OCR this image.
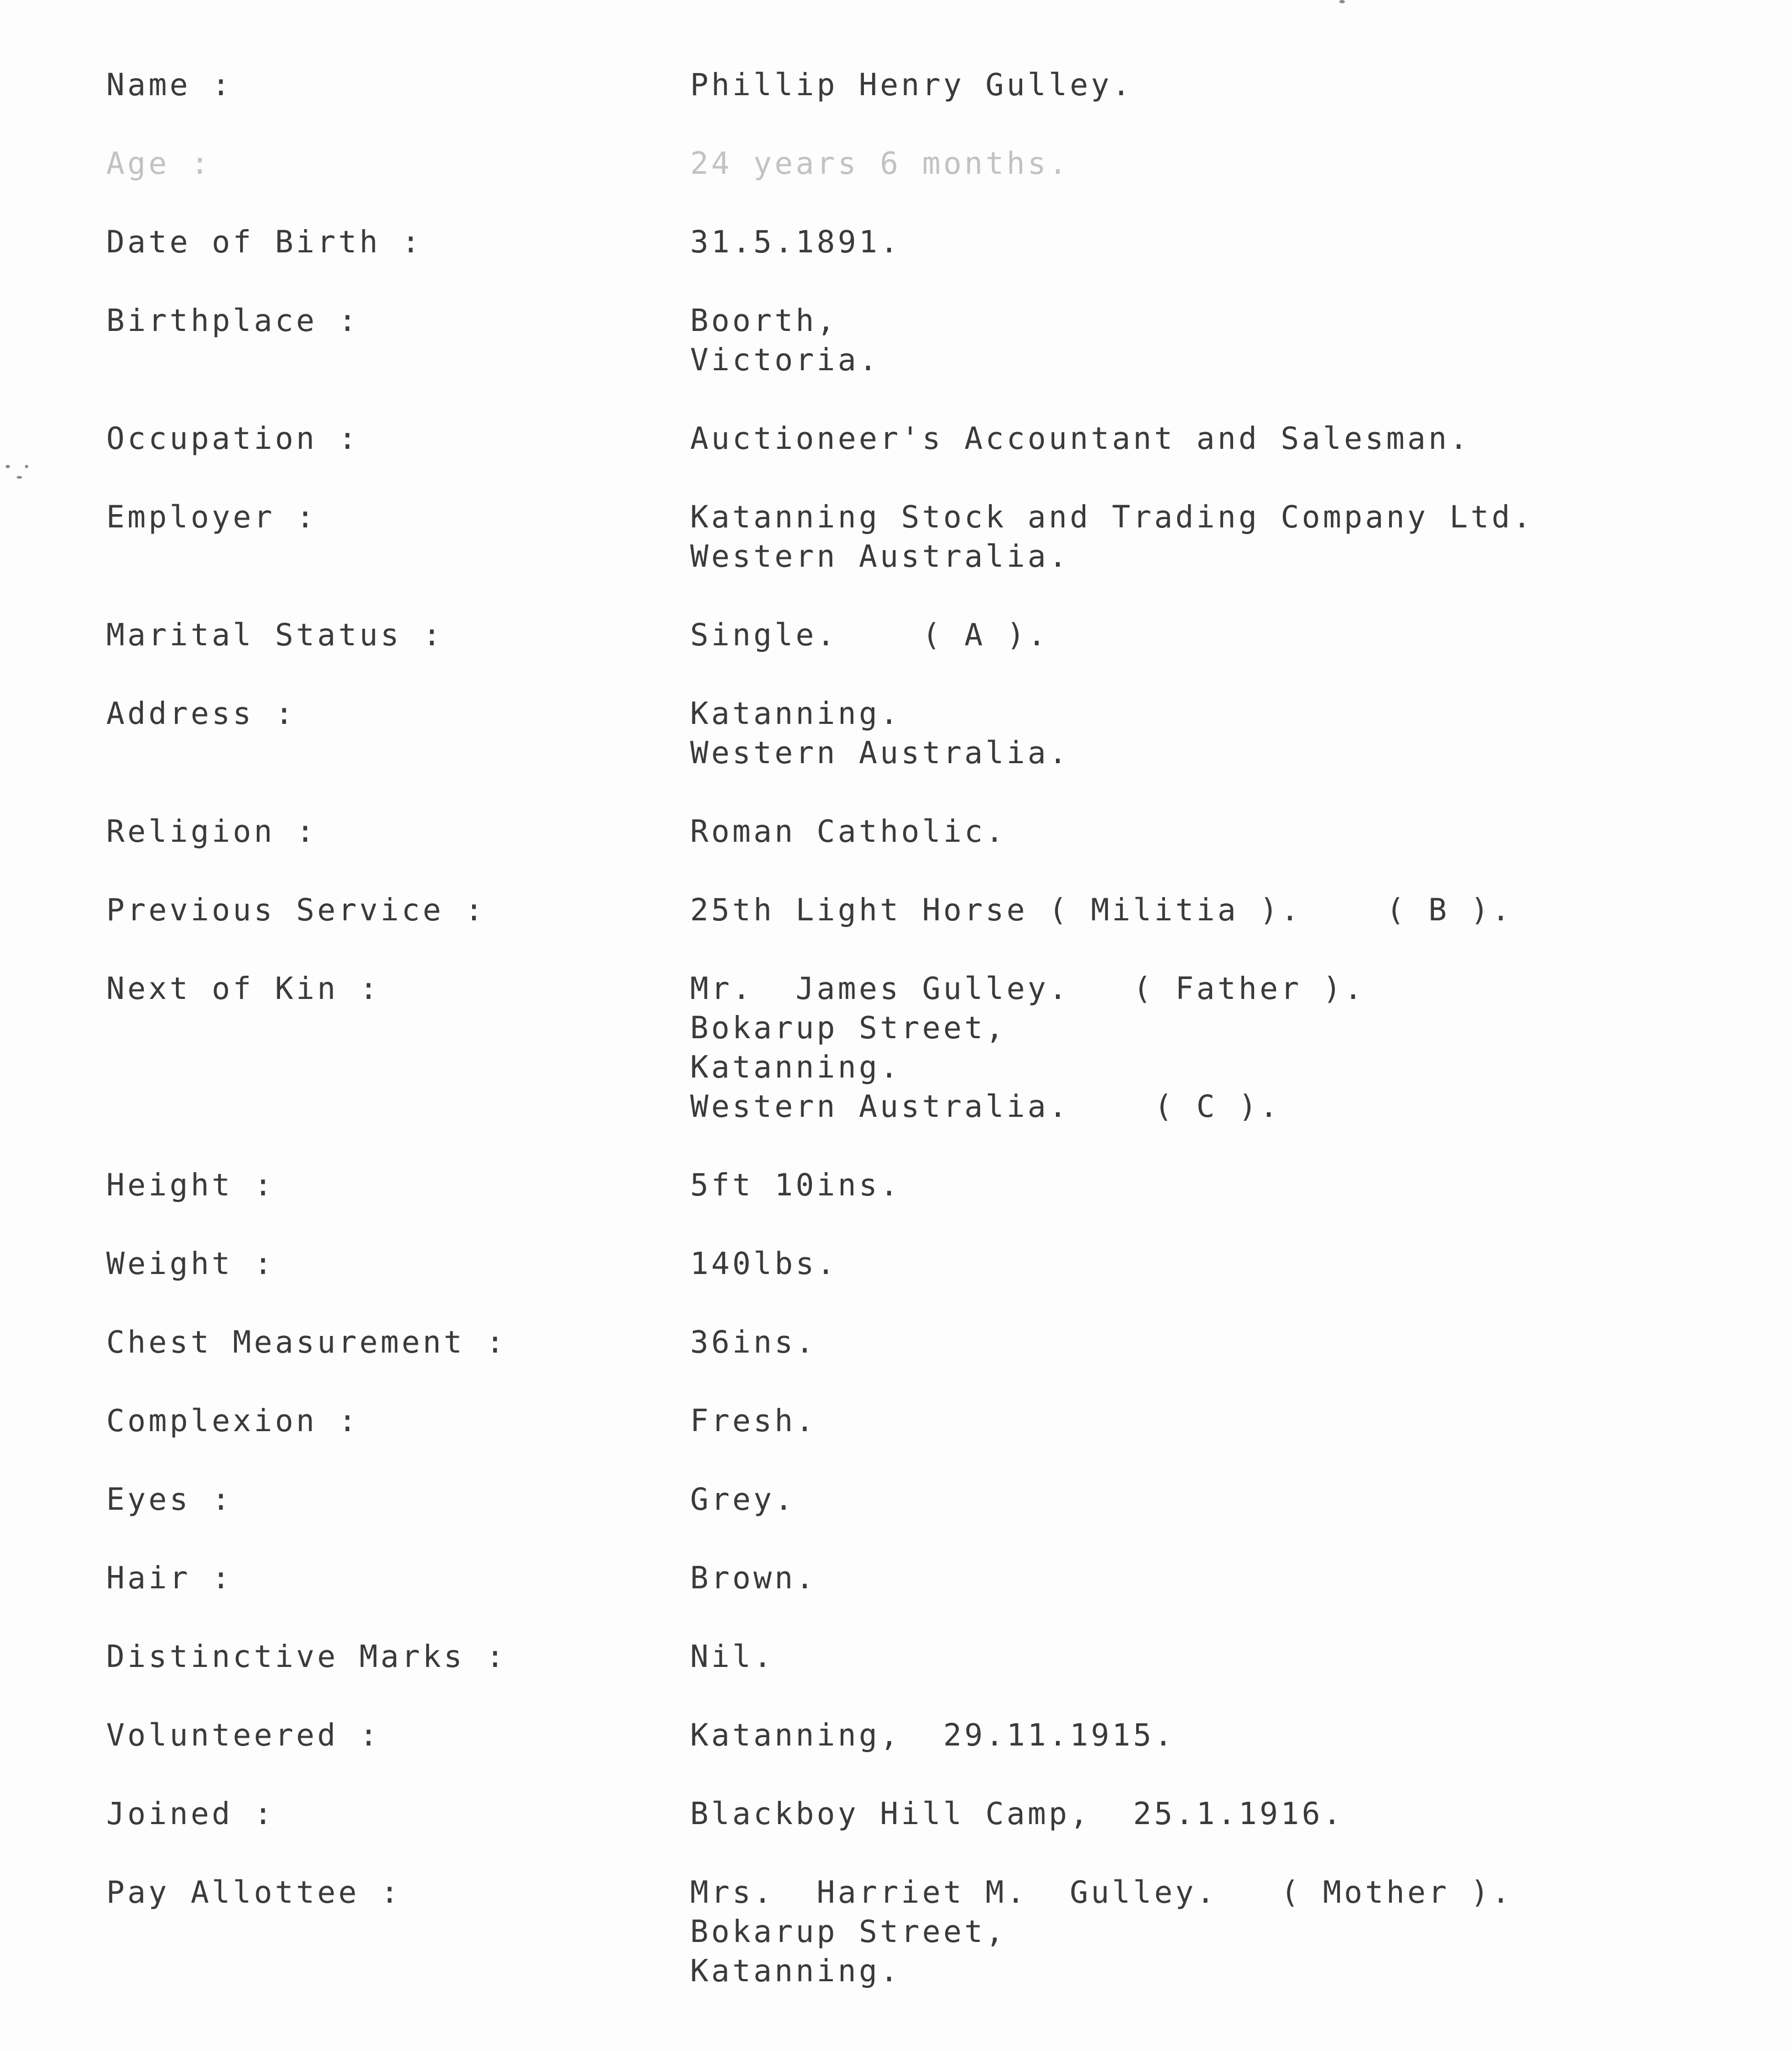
Name :	Phillip Henry Gulley.
Age :	24 years 6 months.
Date of Birth :	31.5.1891.
Birthplace :	Boorth,
Victoria.
Occupation :	Auctioneer's Accountant and Salesman.
Employer :	Katanning Stock and Trading Company Ltd.
Western Australia.
Marital Status :	Single.    ( A ).
Address :	Katanning.
Western Australia.
Religion :	Roman Catholic.
Previous Service :	25th Light Horse ( Militia ).    ( B ).
Next of Kin :	Mr.  James Gulley.   ( Father ).
Bokarup Street,
Katanning.
Western Australia.    ( C ).
Height :	5ft 10ins.
Weight :	140lbs.
Chest Measurement :	36ins.
Complexion :	Fresh.
Eyes :	Grey.
Hair :	Brown.
Distinctive Marks :	Nil.
Volunteered :	Katanning,  29.11.1915.
Joined :	Blackboy Hill Camp,  25.1.1916.
Pay Allottee :	Mrs.  Harriet M.  Gulley.   ( Mother ).
Bokarup Street,
Katanning.
